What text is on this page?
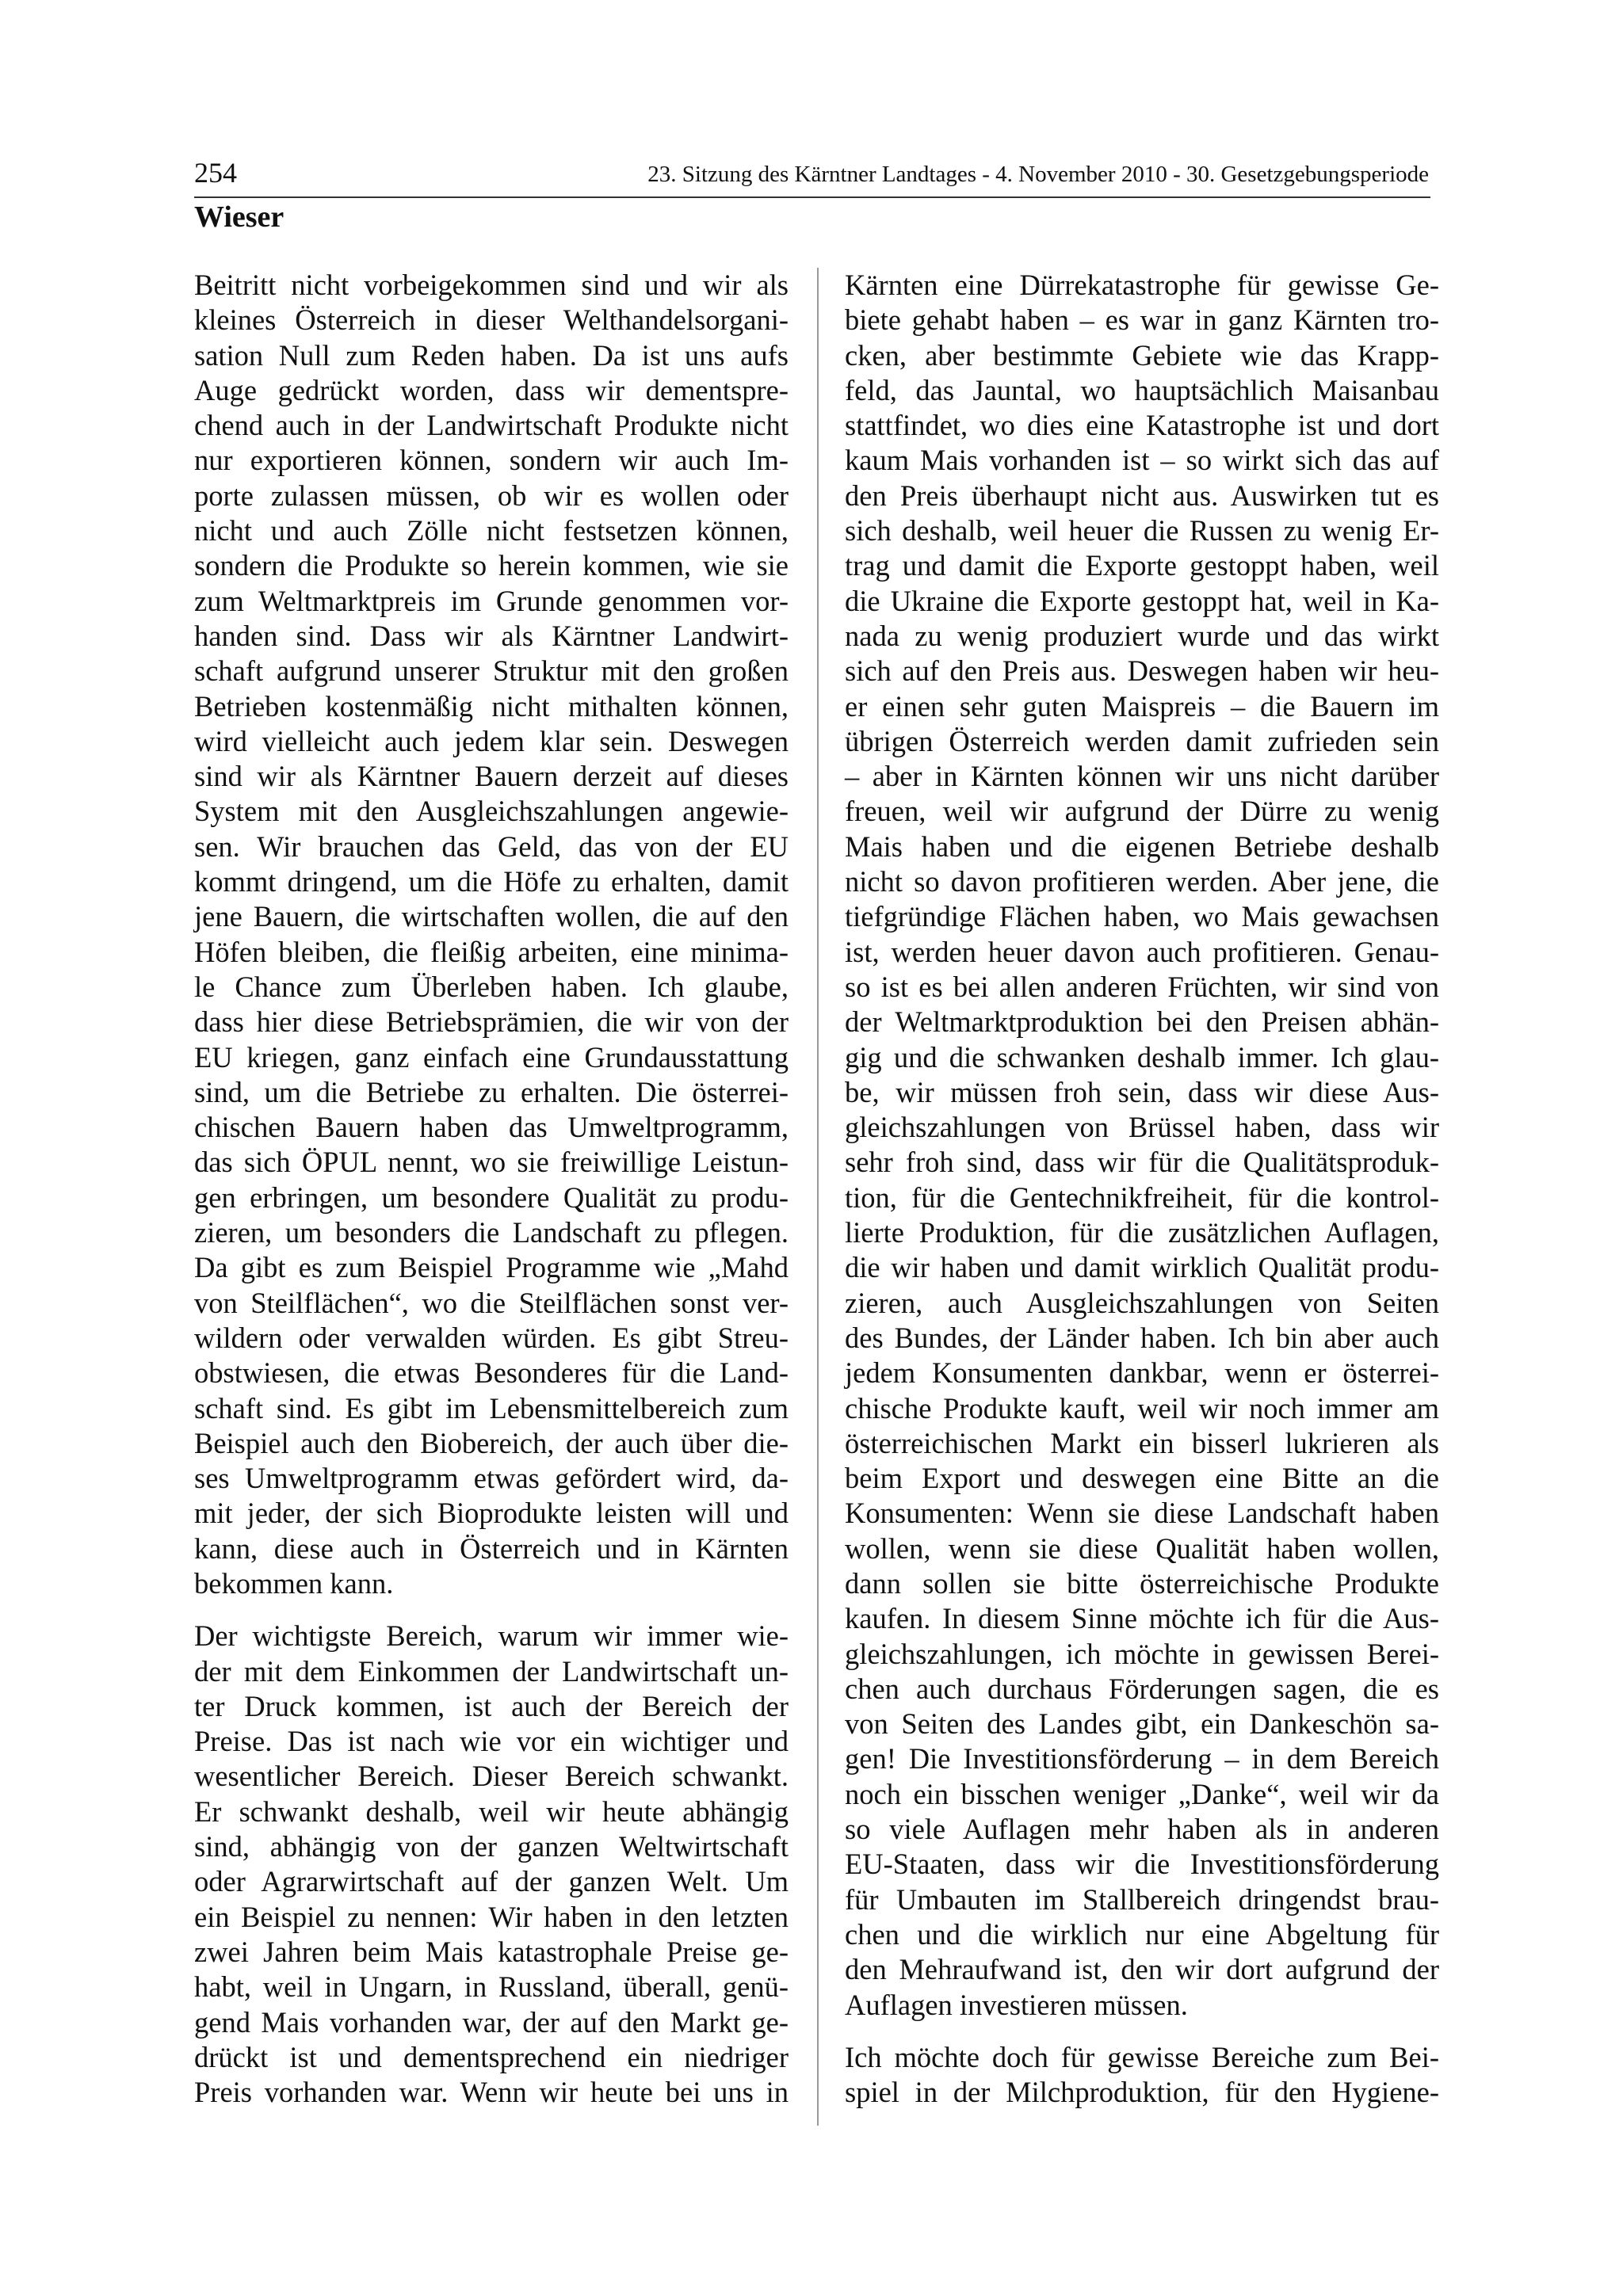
254	23. Sitzung des Kärntner Landtages - 4. November 2010 - 30. Gesetzgebungsperiode
Wieser

Beitritt nicht vorbeigekommen sind und wir als
kleines Österreich in dieser Welthandelsorgani-
sation Null zum Reden haben. Da ist uns aufs
Auge gedrückt worden, dass wir dementspre-
chend auch in der Landwirtschaft Produkte nicht
nur exportieren können, sondern wir auch Im-
porte zulassen müssen, ob wir es wollen oder
nicht und auch Zölle nicht festsetzen können,
sondern die Produkte so herein kommen, wie sie
zum Weltmarktpreis im Grunde genommen vor-
handen sind. Dass wir als Kärntner Landwirt-
schaft aufgrund unserer Struktur mit den großen
Betrieben kostenmäßig nicht mithalten können,
wird vielleicht auch jedem klar sein. Deswegen
sind wir als Kärntner Bauern derzeit auf dieses
System mit den Ausgleichszahlungen angewie-
sen. Wir brauchen das Geld, das von der EU
kommt dringend, um die Höfe zu erhalten, damit
jene Bauern, die wirtschaften wollen, die auf den
Höfen bleiben, die fleißig arbeiten, eine minima-
le Chance zum Überleben haben. Ich glaube,
dass hier diese Betriebsprämien, die wir von der
EU kriegen, ganz einfach eine Grundausstattung
sind, um die Betriebe zu erhalten. Die österrei-
chischen Bauern haben das Umweltprogramm,
das sich ÖPUL nennt, wo sie freiwillige Leistun-
gen erbringen, um besondere Qualität zu produ-
zieren, um besonders die Landschaft zu pflegen.
Da gibt es zum Beispiel Programme wie „Mahd
von Steilflächen“, wo die Steilflächen sonst ver-
wildern oder verwalden würden. Es gibt Streu-
obstwiesen, die etwas Besonderes für die Land-
schaft sind. Es gibt im Lebensmittelbereich zum
Beispiel auch den Biobereich, der auch über die-
ses Umweltprogramm etwas gefördert wird, da-
mit jeder, der sich Bioprodukte leisten will und
kann, diese auch in Österreich und in Kärnten
bekommen kann.

Der wichtigste Bereich, warum wir immer wie-
der mit dem Einkommen der Landwirtschaft un-
ter Druck kommen, ist auch der Bereich der
Preise. Das ist nach wie vor ein wichtiger und
wesentlicher Bereich. Dieser Bereich schwankt.
Er schwankt deshalb, weil wir heute abhängig
sind, abhängig von der ganzen Weltwirtschaft
oder Agrarwirtschaft auf der ganzen Welt. Um
ein Beispiel zu nennen: Wir haben in den letzten
zwei Jahren beim Mais katastrophale Preise ge-
habt, weil in Ungarn, in Russland, überall, genü-
gend Mais vorhanden war, der auf den Markt ge-
drückt ist und dementsprechend ein niedriger
Preis vorhanden war. Wenn wir heute bei uns in

Kärnten eine Dürrekatastrophe für gewisse Ge-
biete gehabt haben – es war in ganz Kärnten tro-
cken, aber bestimmte Gebiete wie das Krapp-
feld, das Jauntal, wo hauptsächlich Maisanbau
stattfindet, wo dies eine Katastrophe ist und dort
kaum Mais vorhanden ist – so wirkt sich das auf
den Preis überhaupt nicht aus. Auswirken tut es
sich deshalb, weil heuer die Russen zu wenig Er-
trag und damit die Exporte gestoppt haben, weil
die Ukraine die Exporte gestoppt hat, weil in Ka-
nada zu wenig produziert wurde und das wirkt
sich auf den Preis aus. Deswegen haben wir heu-
er einen sehr guten Maispreis – die Bauern im
übrigen Österreich werden damit zufrieden sein
– aber in Kärnten können wir uns nicht darüber
freuen, weil wir aufgrund der Dürre zu wenig
Mais haben und die eigenen Betriebe deshalb
nicht so davon profitieren werden. Aber jene, die
tiefgründige Flächen haben, wo Mais gewachsen
ist, werden heuer davon auch profitieren. Genau-
so ist es bei allen anderen Früchten, wir sind von
der Weltmarktproduktion bei den Preisen abhän-
gig und die schwanken deshalb immer. Ich glau-
be, wir müssen froh sein, dass wir diese Aus-
gleichszahlungen von Brüssel haben, dass wir
sehr froh sind, dass wir für die Qualitätsproduk-
tion, für die Gentechnikfreiheit, für die kontrol-
lierte Produktion, für die zusätzlichen Auflagen,
die wir haben und damit wirklich Qualität produ-
zieren, auch Ausgleichszahlungen von Seiten
des Bundes, der Länder haben. Ich bin aber auch
jedem Konsumenten dankbar, wenn er österrei-
chische Produkte kauft, weil wir noch immer am
österreichischen Markt ein bisserl lukrieren als
beim Export und deswegen eine Bitte an die
Konsumenten: Wenn sie diese Landschaft haben
wollen, wenn sie diese Qualität haben wollen,
dann sollen sie bitte österreichische Produkte
kaufen. In diesem Sinne möchte ich für die Aus-
gleichszahlungen, ich möchte in gewissen Berei-
chen auch durchaus Förderungen sagen, die es
von Seiten des Landes gibt, ein Dankeschön sa-
gen! Die Investitionsförderung – in dem Bereich
noch ein bisschen weniger „Danke“, weil wir da
so viele Auflagen mehr haben als in anderen
EU-Staaten, dass wir die Investitionsförderung
für Umbauten im Stallbereich dringendst brau-
chen und die wirklich nur eine Abgeltung für
den Mehraufwand ist, den wir dort aufgrund der
Auflagen investieren müssen.

Ich möchte doch für gewisse Bereiche zum Bei-
spiel in der Milchproduktion, für den Hygiene-
